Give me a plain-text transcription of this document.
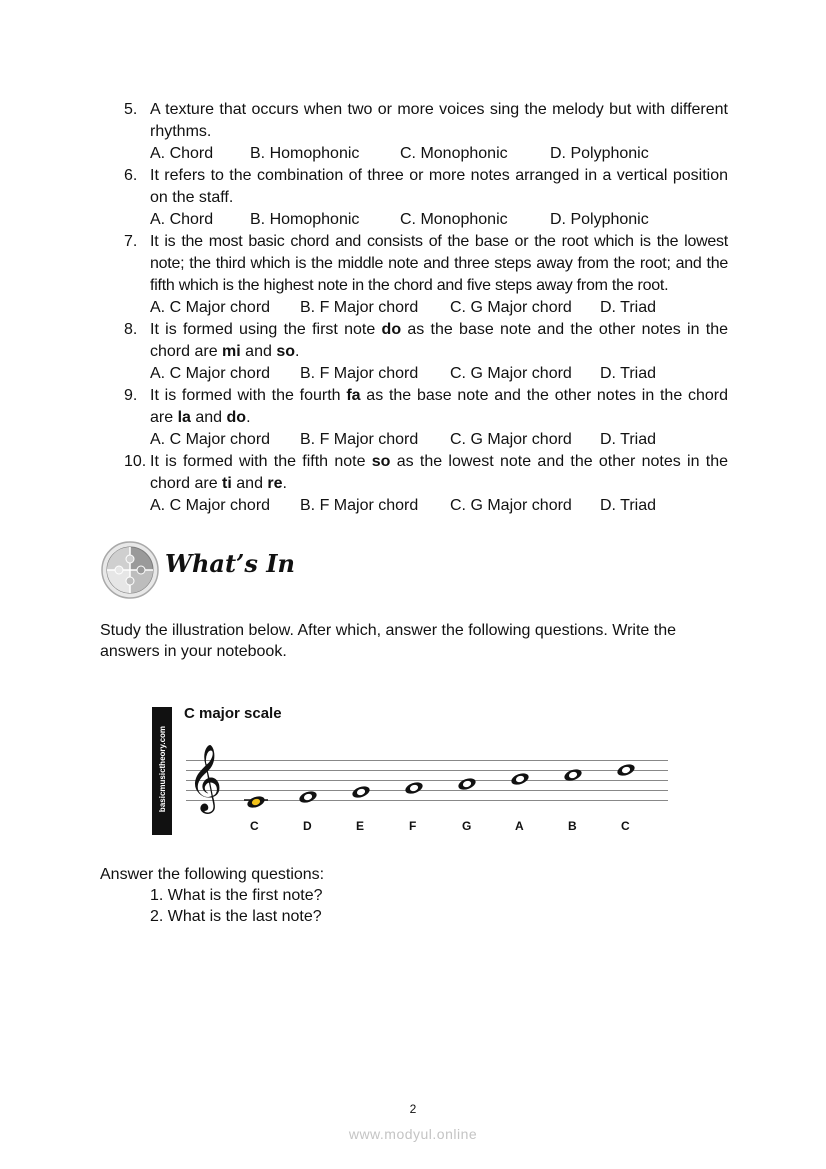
5. A texture that occurs when two or more voices sing the melody but with different rhythms.
A. Chord B. Homophonic	C. Monophonic	D. Polyphonic
6. It refers to the combination of three or more notes arranged in a vertical position on the staff.
A. Chord B. Homophonic	C. Monophonic	D. Polyphonic
7. It is the most basic chord and consists of the base or the root which is the lowest note; the third which is the middle note and three steps away from the root; and the fifth which is the highest note in the chord and five steps away from the root.
A. C Major chord B. F Major chord C. G Major chord D. Triad
8. It is formed using the first note do as the base note and the other notes in the chord are mi and so.
A. C Major chord B. F Major chord C. G Major chord D. Triad
9. It is formed with the fourth fa as the base note and the other notes in the chord are la and do.
A. C Major chord B. F Major chord C. G Major chord D. Triad
10. It is formed with the fifth note so as the lowest note and the other notes in the chord are ti and re.
A. C Major chord B. F Major chord C. G Major chord D. Triad
What’s In
Study the illustration below. After which, answer the following questions. Write the answers in your notebook.
basicmusictheory.com
C major scale
𝄞
C	D	E	F	G	A	B	C
Answer the following questions:
1. What is the first note?
2. What is the last note?
2
www.modyul.online
